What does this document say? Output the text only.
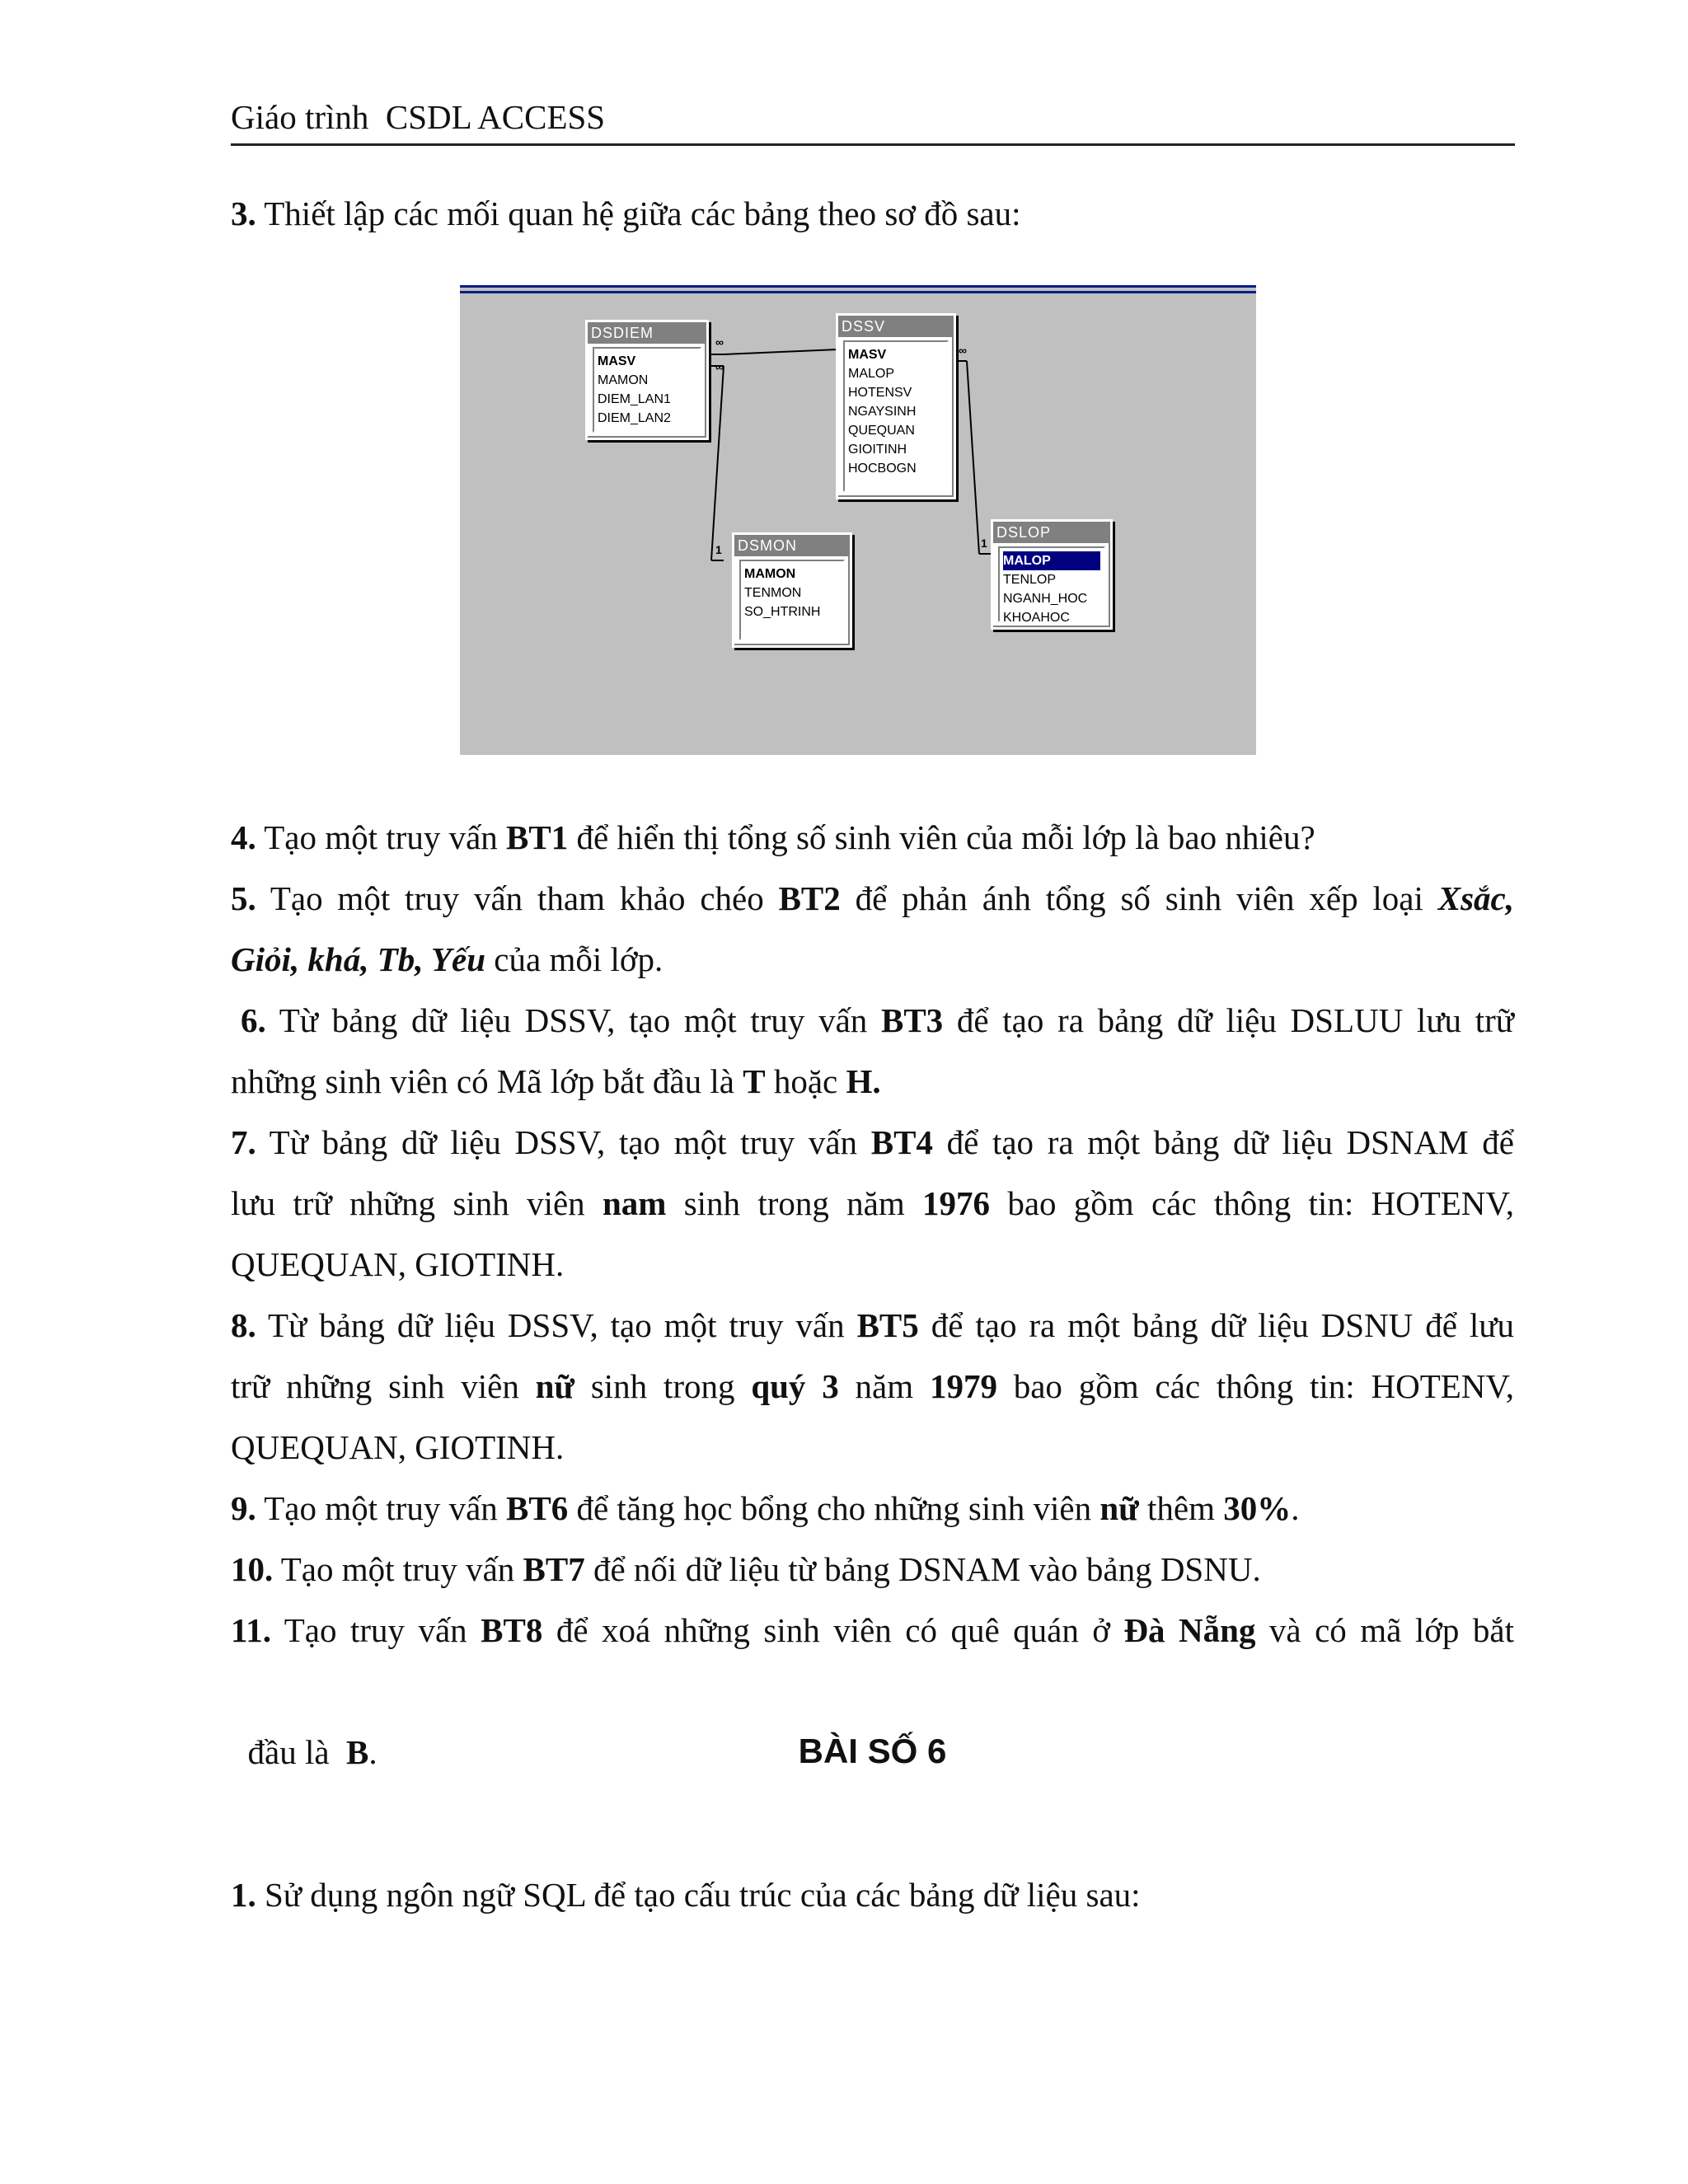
Giáo trình  CSDL ACCESS

3. Thiết lập các mối quan hệ giữa các bảng theo sơ đồ sau:

∞
∞
1
∞
1
DSDIEM
MASV
MAMON
DIEM_LAN1
DIEM_LAN2
DSSV
MASV
MALOP
HOTENSV
NGAYSINH
QUEQUAN
GIOITINH
HOCBOGN
DSMON
MAMON
TENMON
SO_HTRINH
DSLOP
MALOP
TENLOP
NGANH_HOC
KHOAHOC

4. Tạo một truy vấn BT1 để hiển thị tổng số sinh viên của mỗi lớp là bao nhiêu?

5. Tạo một truy vấn tham khảo chéo BT2 để phản ánh tổng số sinh viên xếp loại Xsắc,

Giỏi, khá, Tb, Yếu của mỗi lớp.

6. Từ bảng dữ liệu DSSV, tạo một truy vấn BT3 để tạo ra bảng dữ liệu DSLUU lưu trữ

những sinh viên có Mã lớp bắt đầu là T hoặc H.

7. Từ bảng dữ liệu DSSV, tạo một truy vấn BT4 để tạo ra một bảng dữ liệu DSNAM để

lưu trữ những sinh viên nam sinh trong năm 1976 bao gồm các thông tin: HOTENV,

QUEQUAN, GIOTINH.

8. Từ bảng dữ liệu DSSV, tạo một truy vấn BT5 để tạo ra một bảng dữ liệu DSNU để lưu

trữ những sinh viên nữ sinh trong quý 3 năm 1979 bao gồm các thông tin: HOTENV,

QUEQUAN, GIOTINH.

9. Tạo một truy vấn BT6 để tăng học bổng cho những sinh viên nữ thêm 30%.

10. Tạo một truy vấn BT7 để nối dữ liệu từ bảng DSNAM vào bảng DSNU.

11. Tạo truy vấn BT8 để xoá những sinh viên có quê quán ở Đà Nẵng và có mã lớp bắt

đầu là  B.	BÀI SỐ 6

1. Sử dụng ngôn ngữ SQL để tạo cấu trúc của các bảng dữ liệu sau:
